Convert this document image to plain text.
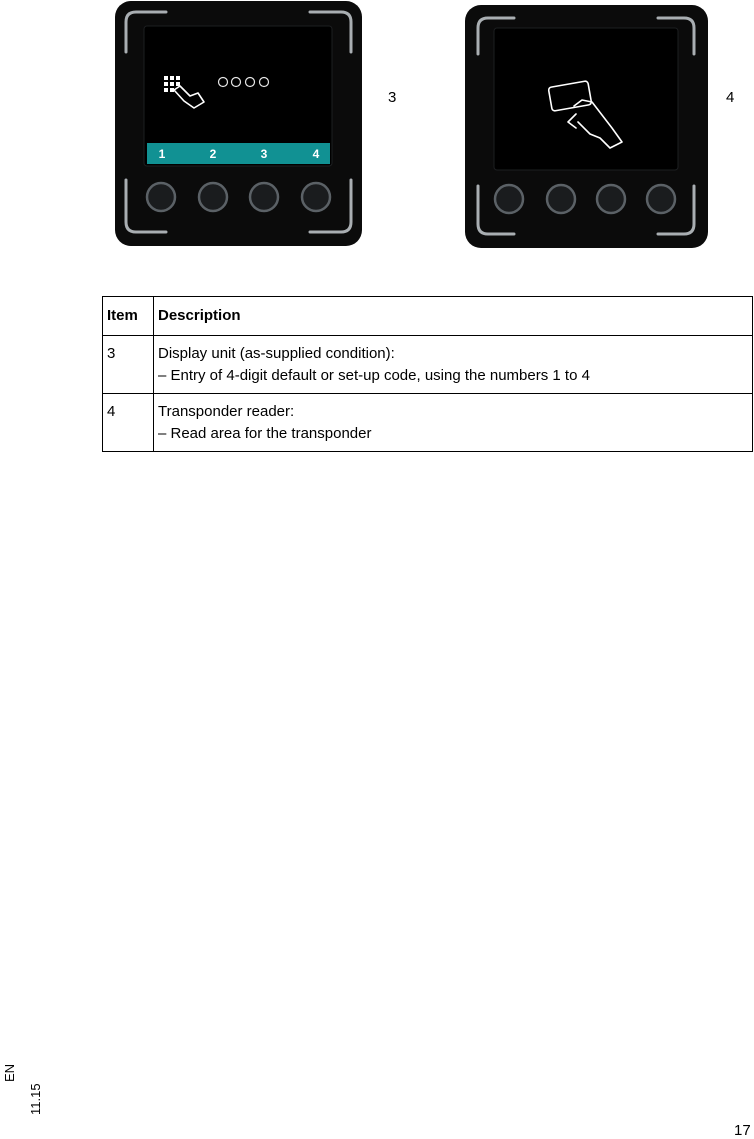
1	2	3	4
3	4
Item	Description
3	Display unit (as-supplied condition):
– Entry of 4-digit default or set-up code, using the numbers 1 to 4

4	Transponder reader:
– Read area for the transponder
EN
11.15
17
